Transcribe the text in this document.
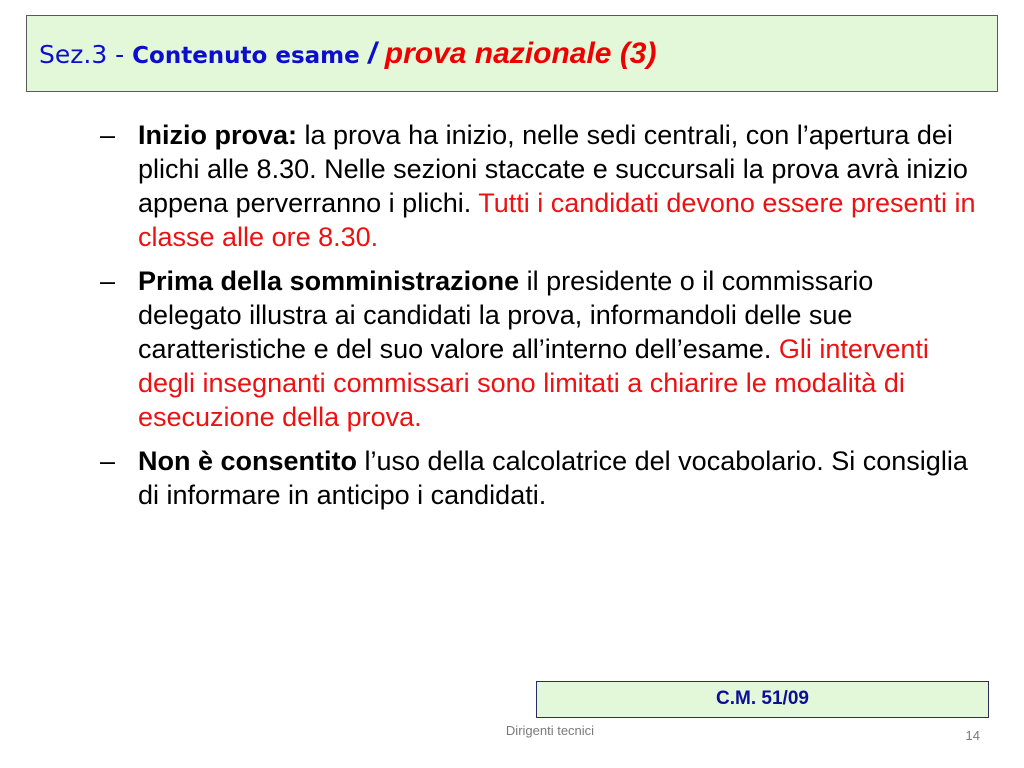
Sez.3 - Contenuto esame / prova nazionale (3)
– Inizio prova: la prova ha inizio, nelle sedi centrali, con l’apertura dei plichi alle 8.30. Nelle sezioni staccate e succursali la prova avrà inizio appena perverranno i plichi. Tutti i candidati devono essere presenti in classe alle ore 8.30.
– Prima della somministrazione il presidente o il commissario delegato illustra ai candidati la prova, informandoli delle sue caratteristiche e del suo valore all’interno dell’esame. Gli interventi degli insegnanti commissari sono limitati a chiarire le modalità di esecuzione della prova.
– Non è consentito l’uso della calcolatrice del vocabolario. Si consiglia di informare in anticipo i candidati.
C.M. 51/09
Dirigenti tecnici	14
